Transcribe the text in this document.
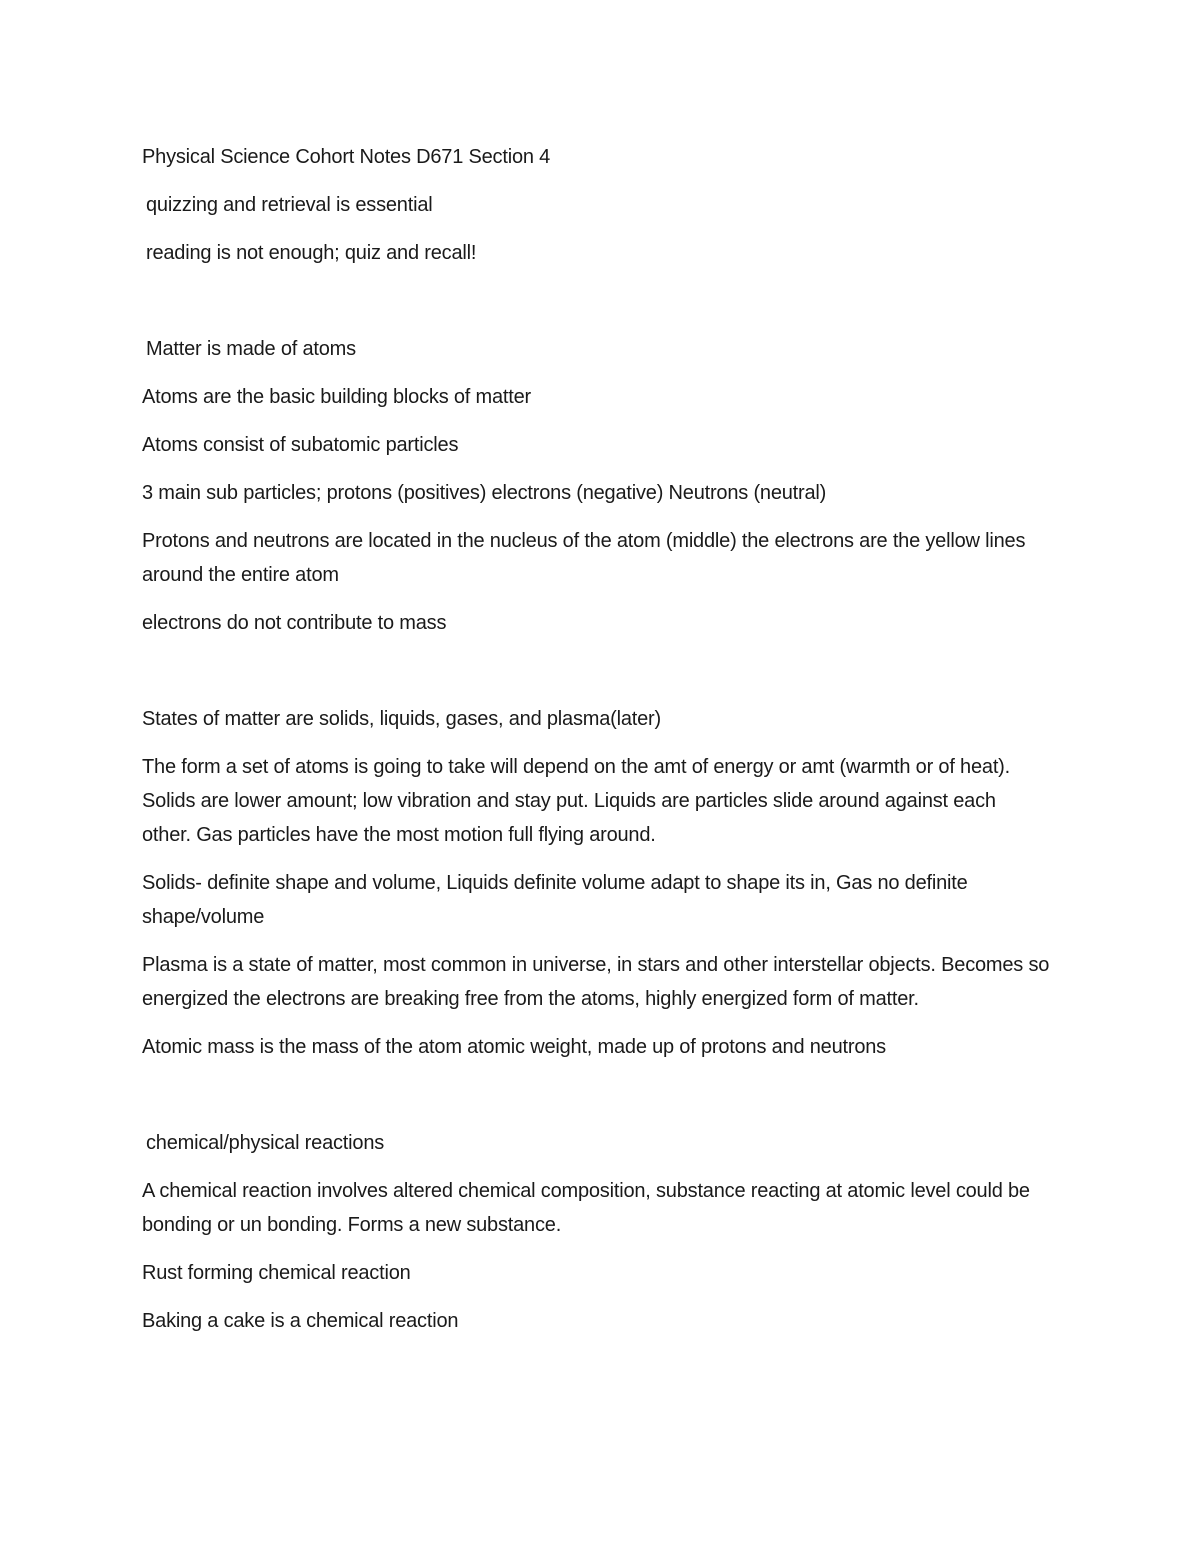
Physical Science Cohort Notes D671 Section 4

quizzing and retrieval is essential

reading is not enough; quiz and recall!

Matter is made of atoms

Atoms are the basic building blocks of matter

Atoms consist of subatomic particles

3 main sub particles; protons (positives) electrons (negative) Neutrons (neutral)

Protons and neutrons are located in the nucleus of the atom (middle) the electrons are the yellow lines around the entire atom

electrons do not contribute to mass

States of matter are solids, liquids, gases, and plasma(later)

The form a set of atoms is going to take will depend on the amt of energy or amt (warmth or of heat). Solids are lower amount; low vibration and stay put. Liquids are particles slide around against each other. Gas particles have the most motion full flying around.

Solids- definite shape and volume, Liquids definite volume adapt to shape its in, Gas no definite shape/volume

Plasma is a state of matter, most common in universe, in stars and other interstellar objects. Becomes so energized the electrons are breaking free from the atoms, highly energized form of matter.

Atomic mass is the mass of the atom atomic weight, made up of protons and neutrons

chemical/physical reactions

A chemical reaction involves altered chemical composition, substance reacting at atomic level could be bonding or un bonding. Forms a new substance.

Rust forming chemical reaction

Baking a cake is a chemical reaction
